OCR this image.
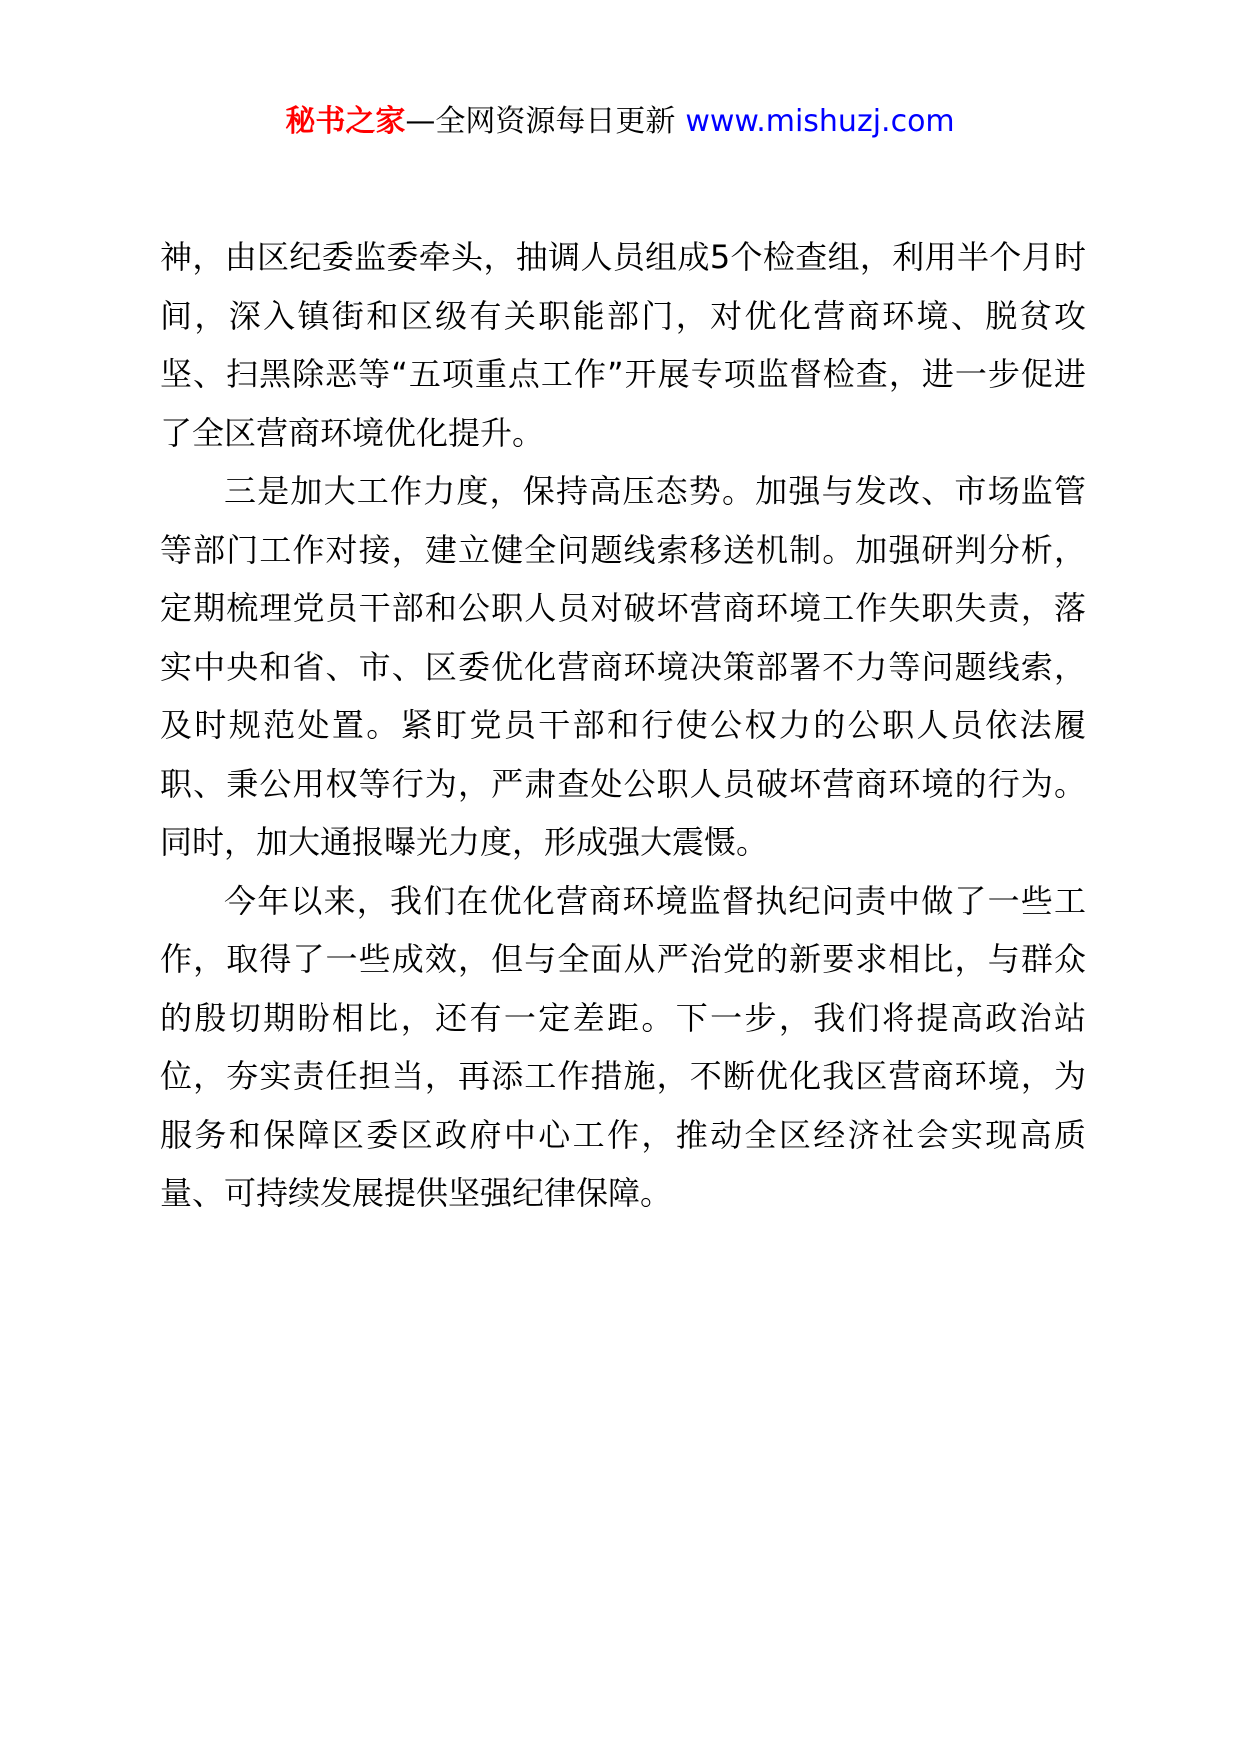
秘书之家—全网资源每日更新 www.mishuzj.com

神，由区纪委监委牵头，抽调人员组成5个检查组，利用半个月时间，深入镇街和区级有关职能部门，对优化营商环境、脱贫攻坚、扫黑除恶等“五项重点工作”开展专项监督检查，进一步促进了全区营商环境优化提升。

三是加大工作力度，保持高压态势。加强与发改、市场监管等部门工作对接，建立健全问题线索移送机制。加强研判分析，定期梳理党员干部和公职人员对破坏营商环境工作失职失责，落实中央和省、市、区委优化营商环境决策部署不力等问题线索，及时规范处置。紧盯党员干部和行使公权力的公职人员依法履职、秉公用权等行为，严肃查处公职人员破坏营商环境的行为。同时，加大通报曝光力度，形成强大震慑。

今年以来，我们在优化营商环境监督执纪问责中做了一些工作，取得了一些成效，但与全面从严治党的新要求相比，与群众的殷切期盼相比，还有一定差距。下一步，我们将提高政治站位，夯实责任担当，再添工作措施，不断优化我区营商环境，为服务和保障区委区政府中心工作，推动全区经济社会实现高质量、可持续发展提供坚强纪律保障。
